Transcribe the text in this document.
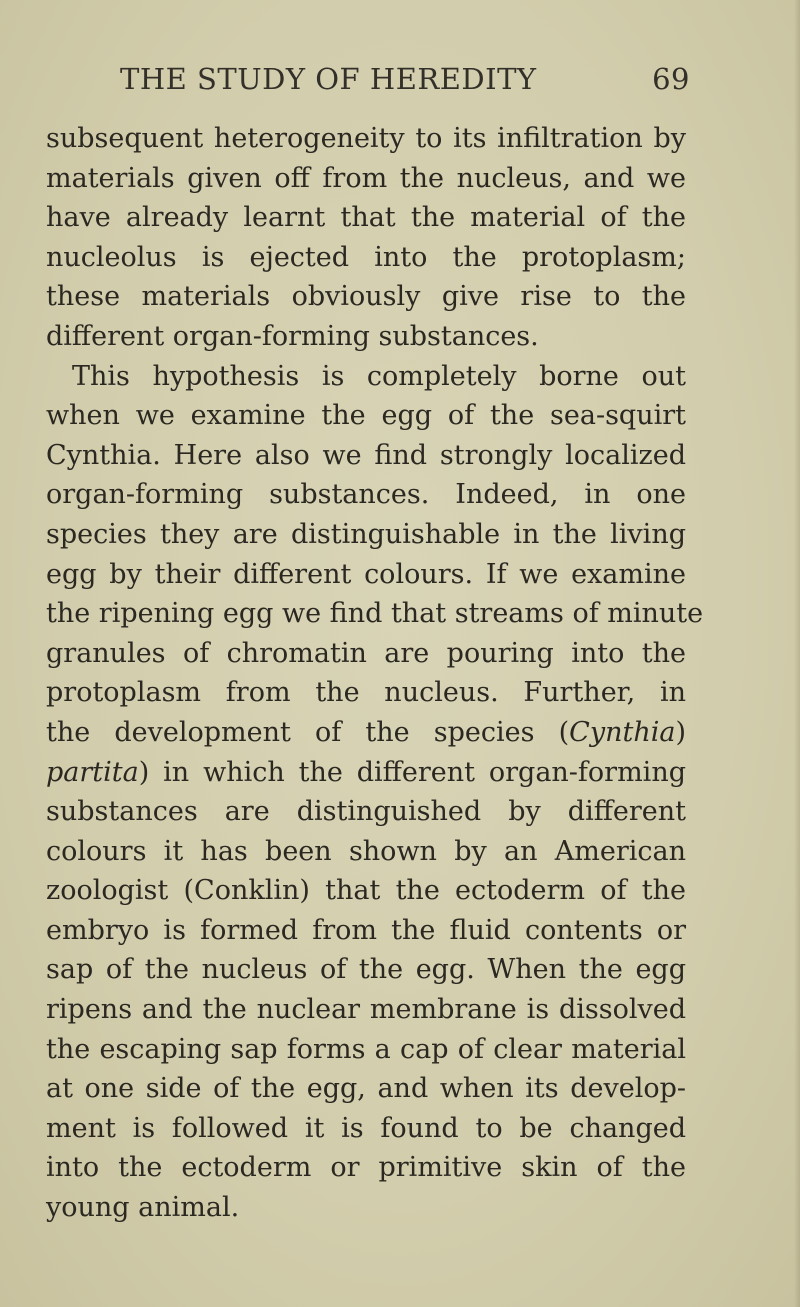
THE STUDY OF HEREDITY	69
subsequent heterogeneity to its infiltration by
materials given off from the nucleus, and we
have already learnt that the material of the
nucleolus is ejected into the protoplasm;
these materials obviously give rise to the
different organ-forming substances.
This hypothesis is completely borne out
when we examine the egg of the sea-squirt
Cynthia. Here also we find strongly localized
organ-forming substances. Indeed, in one
species they are distinguishable in the living
egg by their different colours. If we examine
the ripening egg we find that streams of minute
granules of chromatin are pouring into the
protoplasm from the nucleus. Further, in
the development of the species (Cynthia)
partita) in which the different organ-forming
substances are distinguished by different
colours it has been shown by an American
zoologist (Conklin) that the ectoderm of the
embryo is formed from the fluid contents or
sap of the nucleus of the egg. When the egg
ripens and the nuclear membrane is dissolved
the escaping sap forms a cap of clear material
at one side of the egg, and when its develop-
ment is followed it is found to be changed
into the ectoderm or primitive skin of the
young animal.
